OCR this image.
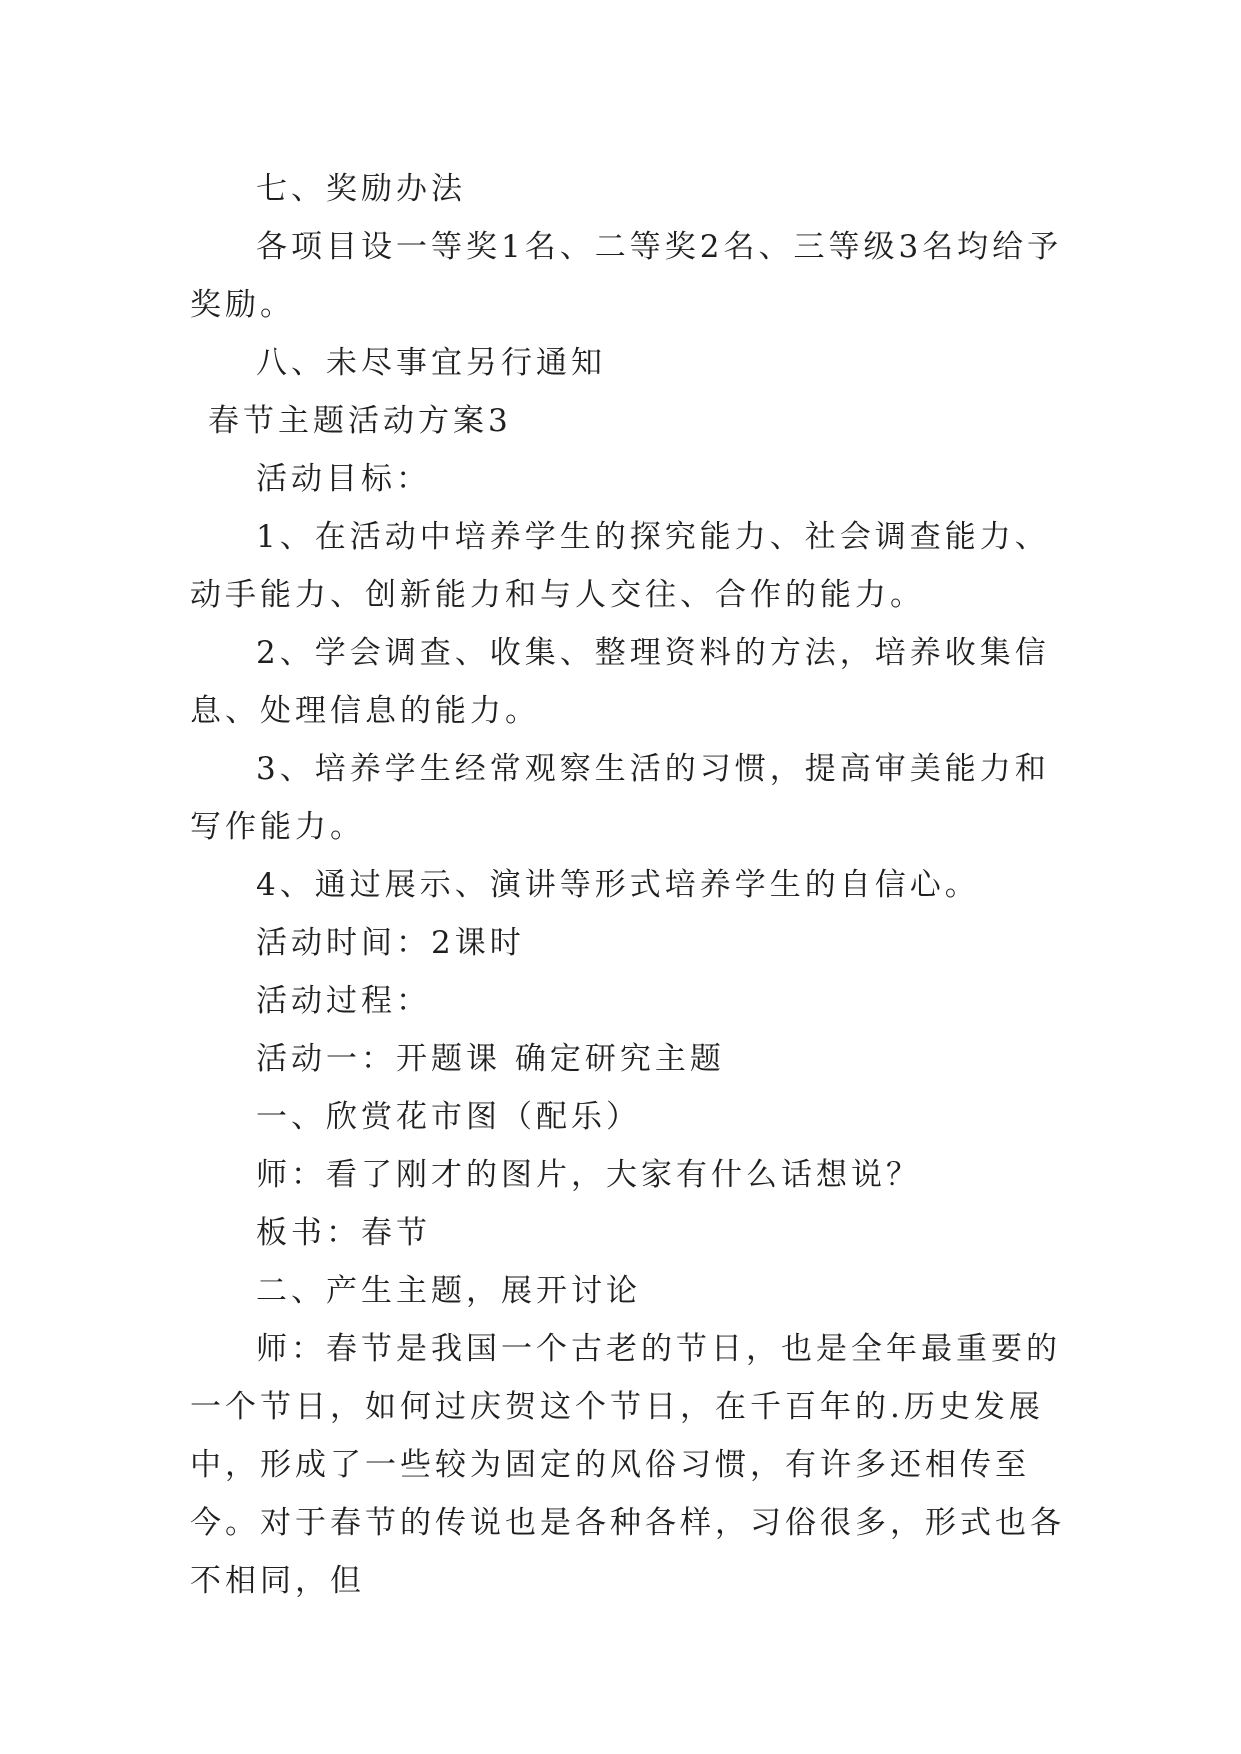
七、奖励办法

各项目设一等奖1名、二等奖2名、三等级3名均给予奖励。

八、未尽事宜另行通知

春节主题活动方案3

活动目标：

1、在活动中培养学生的探究能力、社会调查能力、动手能力、创新能力和与人交往、合作的能力。

2、学会调查、收集、整理资料的方法，培养收集信息、处理信息的能力。

3、培养学生经常观察生活的习惯，提高审美能力和写作能力。

4、通过展示、演讲等形式培养学生的自信心。

活动时间：2课时

活动过程：

活动一：开题课 确定研究主题

一、欣赏花市图（配乐）

师：看了刚才的图片，大家有什么话想说？

板书：春节

二、产生主题，展开讨论

师：春节是我国一个古老的节日，也是全年最重要的一个节日，如何过庆贺这个节日，在千百年的.历史发展中，形成了一些较为固定的风俗习惯，有许多还相传至今。对于春节的传说也是各种各样，习俗很多，形式也各不相同，但
